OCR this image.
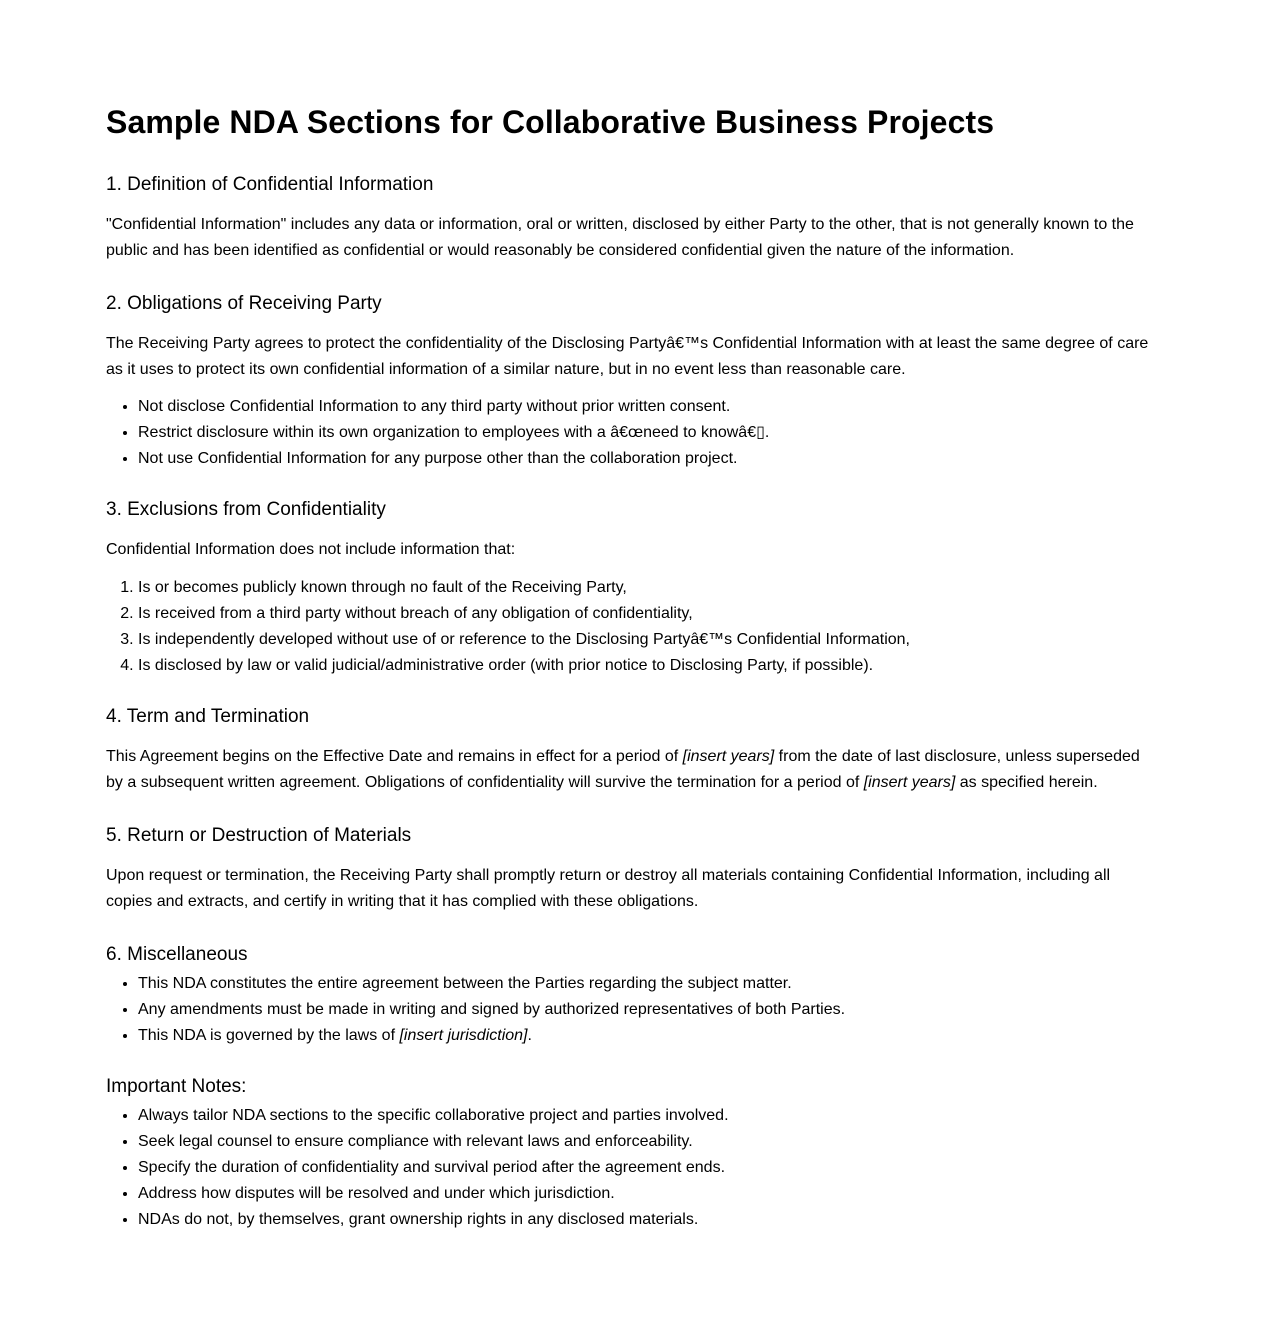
Sample NDA Sections for Collaborative Business Projects
1. Definition of Confidential Information

"Confidential Information" includes any data or information, oral or written, disclosed by either Party to the other, that is not generally known to the public and has been identified as confidential or would reasonably be considered confidential given the nature of the information.

2. Obligations of Receiving Party

The Receiving Party agrees to protect the confidentiality of the Disclosing Partyâ€™s Confidential Information with at least the same degree of care as it uses to protect its own confidential information of a similar nature, but in no event less than reasonable care.

• Not disclose Confidential Information to any third party without prior written consent.
• Restrict disclosure within its own organization to employees with a â€œneed to knowâ€▯.
• Not use Confidential Information for any purpose other than the collaboration project.
3. Exclusions from Confidentiality

Confidential Information does not include information that:

1. Is or becomes publicly known through no fault of the Receiving Party,
2. Is received from a third party without breach of any obligation of confidentiality,
3. Is independently developed without use of or reference to the Disclosing Partyâ€™s Confidential Information,
4. Is disclosed by law or valid judicial/administrative order (with prior notice to Disclosing Party, if possible).
4. Term and Termination

This Agreement begins on the Effective Date and remains in effect for a period of [insert years] from the date of last disclosure, unless superseded by a subsequent written agreement. Obligations of confidentiality will survive the termination for a period of [insert years] as specified herein.

5. Return or Destruction of Materials

Upon request or termination, the Receiving Party shall promptly return or destroy all materials containing Confidential Information, including all copies and extracts, and certify in writing that it has complied with these obligations.

6. Miscellaneous
• This NDA constitutes the entire agreement between the Parties regarding the subject matter.
• Any amendments must be made in writing and signed by authorized representatives of both Parties.
• This NDA is governed by the laws of [insert jurisdiction].
Important Notes:
• Always tailor NDA sections to the specific collaborative project and parties involved.
• Seek legal counsel to ensure compliance with relevant laws and enforceability.
• Specify the duration of confidentiality and survival period after the agreement ends.
• Address how disputes will be resolved and under which jurisdiction.
• NDAs do not, by themselves, grant ownership rights in any disclosed materials.
